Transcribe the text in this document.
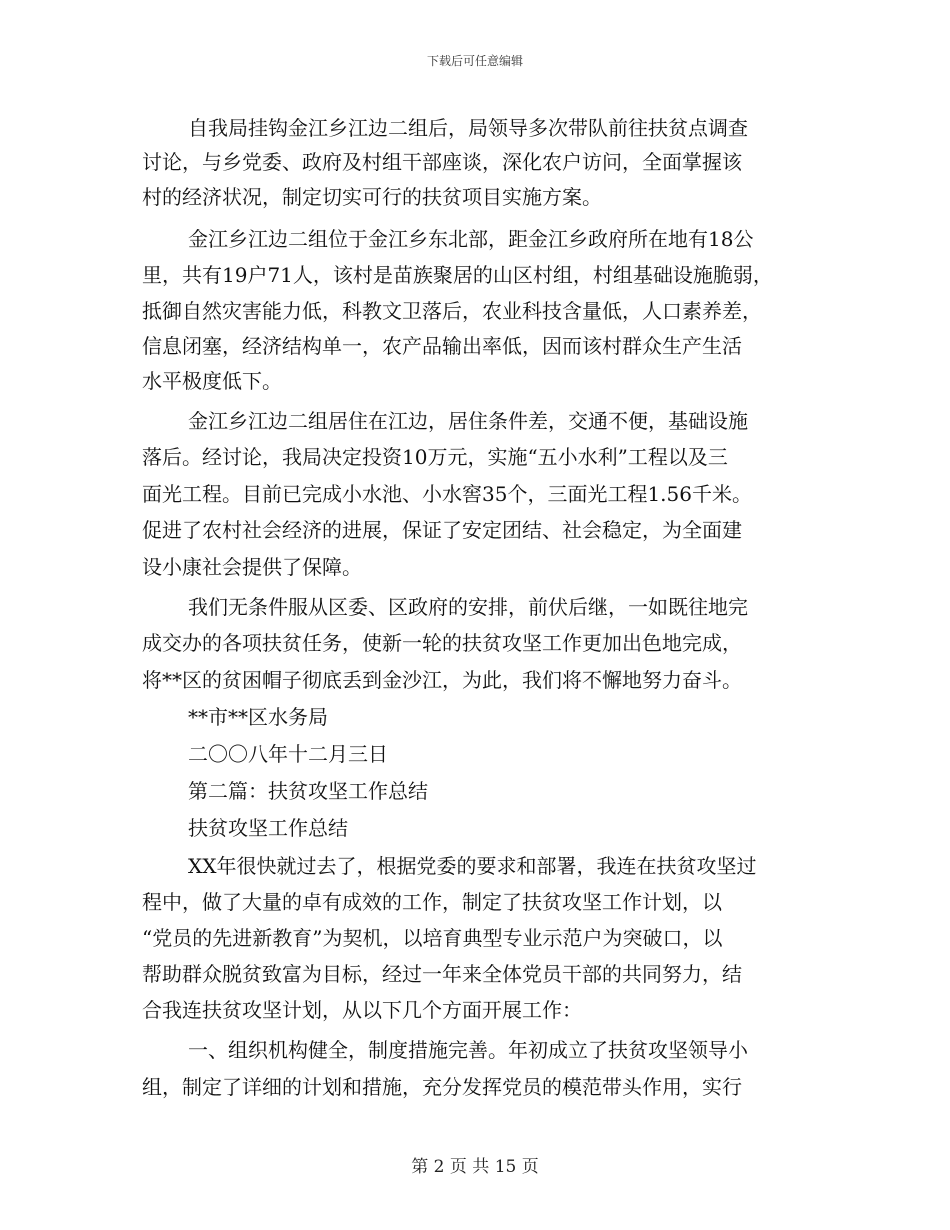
下载后可任意编辑
自我局挂钩金江乡江边二组后，局领导多次带队前往扶贫点调查
讨论，与乡党委、政府及村组干部座谈，深化农户访问，全面掌握该
村的经济状况，制定切实可行的扶贫项目实施方案。
金江乡江边二组位于金江乡东北部，距金江乡政府所在地有18公
里，共有19户71人，该村是苗族聚居的山区村组，村组基础设施脆弱，
抵御自然灾害能力低，科教文卫落后，农业科技含量低，人口素养差，
信息闭塞，经济结构单一，农产品输出率低，因而该村群众生产生活
水平极度低下。
金江乡江边二组居住在江边，居住条件差，交通不便，基础设施
落后。经讨论，我局决定投资10万元，实施“五小水利”工程以及三
面光工程。目前已完成小水池、小水窖35个，三面光工程1.56千米。
促进了农村社会经济的进展，保证了安定团结、社会稳定，为全面建
设小康社会提供了保障。
我们无条件服从区委、区政府的安排，前伏后继，一如既往地完
成交办的各项扶贫任务，使新一轮的扶贫攻坚工作更加出色地完成，
将**区的贫困帽子彻底丢到金沙江，为此，我们将不懈地努力奋斗。
**市**区水务局
二〇〇八年十二月三日
第二篇：扶贫攻坚工作总结
扶贫攻坚工作总结
XX年很快就过去了，根据党委的要求和部署，我连在扶贫攻坚过
程中，做了大量的卓有成效的工作，制定了扶贫攻坚工作计划，以
“党员的先进新教育”为契机，以培育典型专业示范户为突破口，以
帮助群众脱贫致富为目标，经过一年来全体党员干部的共同努力，结
合我连扶贫攻坚计划，从以下几个方面开展工作：
一、组织机构健全，制度措施完善。年初成立了扶贫攻坚领导小
组，制定了详细的计划和措施，充分发挥党员的模范带头作用，实行
第 2 页 共 15 页
